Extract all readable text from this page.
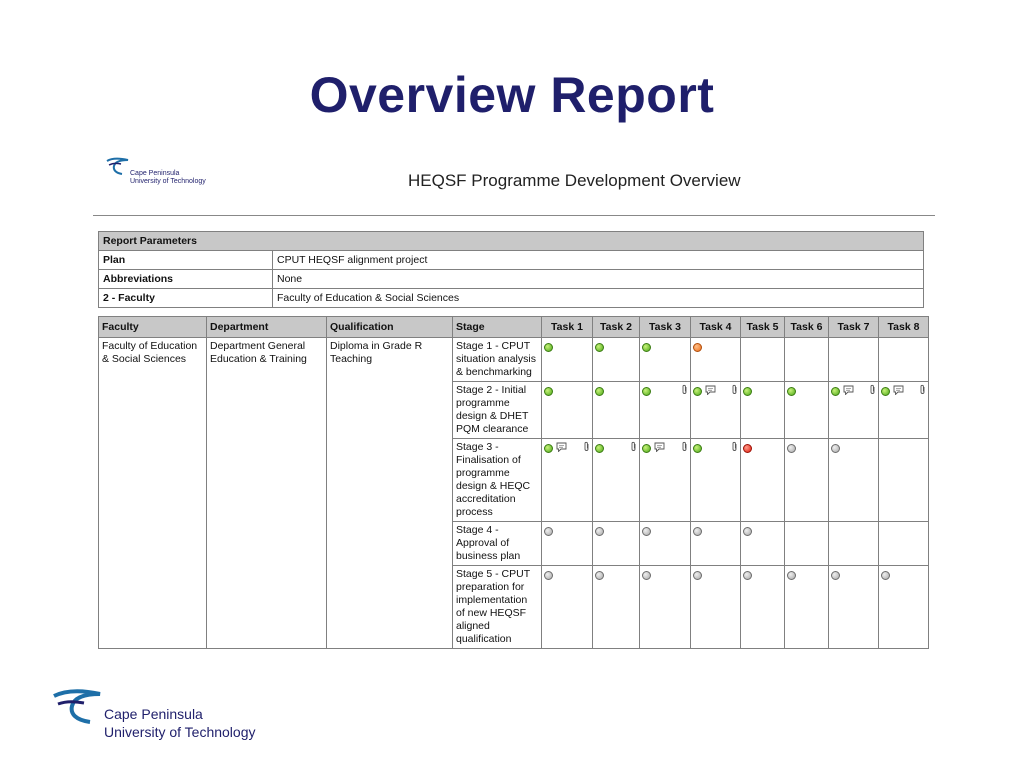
Overview Report
Cape Peninsula
University of Technology	HEQSF Programme Development Overview
Report Parameters	
Plan	CPUT HEQSF alignment project
Abbreviations	None
2 - Faculty	Faculty of Education & Social Sciences
Faculty	Department	Qualification	Stage	Task 1	Task 2	Task 3	Task 4	Task 5	Task 6	Task 7	Task 8
Faculty of Education & Social Sciences	Department General Education & Training	Diploma in Grade R Teaching	Stage 1 - CPUT situation analysis & benchmarking	

			Stage 2 - Initial programme design & DHET PQM clearance	

			Stage 3 - Finalisation of programme design & HEQC accreditation process	

			Stage 4 - Approval of business plan	

			Stage 5 - CPUT preparation for implementation of new HEQSF aligned qualification	

Cape Peninsula
University of Technology
